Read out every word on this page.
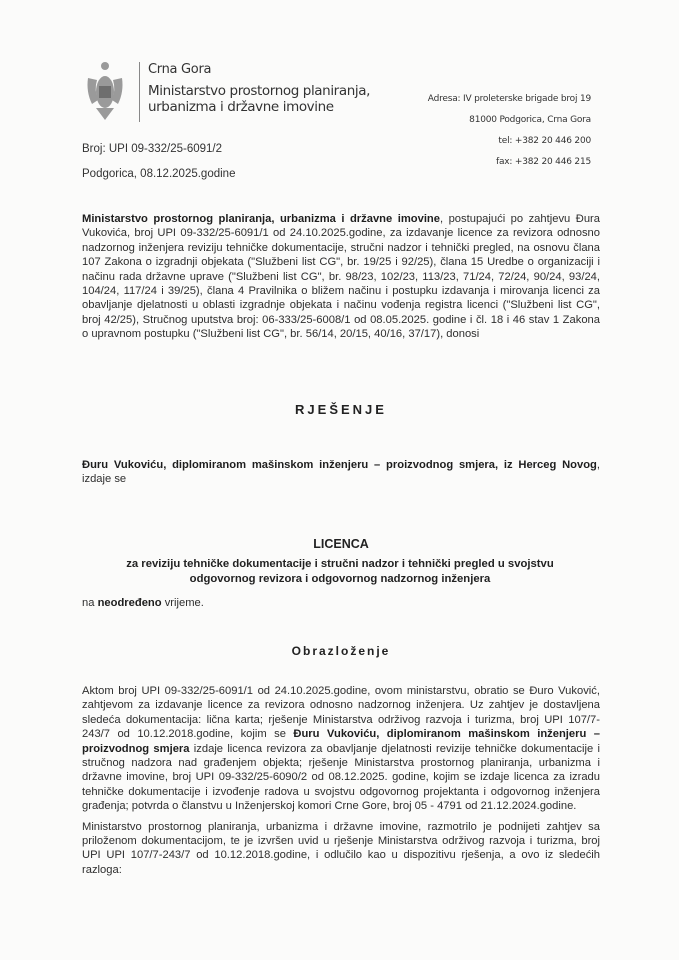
Crna Gora
Ministarstvo prostornog planiranja,
urbanizma i državne imovine	Adresa: IV proleterske brigade broj 19
81000 Podgorica, Crna Gora
tel: +382 20 446 200
fax: +382 20 446 215
Broj: UPI 09-332/25-6091/2
Podgorica, 08.12.2025.godine

Ministarstvo prostornog planiranja, urbanizma i državne imovine, postupajući po zahtjevu Đura Vukovića, broj UPI 09-332/25-6091/1 od 24.10.2025.godine, za izdavanje licence za revizora odnosno nadzornog inženjera reviziju tehničke dokumentacije, stručni nadzor i tehnički pregled, na osnovu člana 107 Zakona o izgradnji objekata ("Službeni list CG", br. 19/25 i 92/25), člana 15 Uredbe o organizaciji i načinu rada državne uprave ("Službeni list CG", br. 98/23, 102/23, 113/23, 71/24, 72/24, 90/24, 93/24, 104/24, 117/24 i 39/25), člana 4 Pravilnika o bližem načinu i postupku izdavanja i mirovanja licenci za obavljanje djelatnosti u oblasti izgradnje objekata i načinu vođenja registra licenci ("Službeni list CG", broj 42/25), Stručnog uputstva broj: 06-333/25-6008/1 od 08.05.2025. godine i čl. 18 i 46 stav 1 Zakona o upravnom postupku ("Službeni list CG", br. 56/14, 20/15, 40/16, 37/17), donosi

RJEŠENJE

Đuru Vukoviću, diplomiranom mašinskom inženjeru – proizvodnog smjera, iz Herceg Novog, izdaje se

LICENCA
za reviziju tehničke dokumentacije i stručni nadzor i tehnički pregled u svojstvu odgovornog revizora i odgovornog nadzornog inženjera
na neodređeno vrijeme.
Obrazloženje

Aktom broj UPI 09-332/25-6091/1 od 24.10.2025.godine, ovom ministarstvu, obratio se Đuro Vuković, zahtjevom za izdavanje licence za revizora odnosno nadzornog inženjera. Uz zahtjev je dostavljena sledeća dokumentacija: lična karta; rješenje Ministarstva održivog razvoja i turizma, broj UPI 107/7-243/7 od 10.12.2018.godine, kojim se Đuru Vukoviću, diplomiranom mašinskom inženjeru – proizvodnog smjera izdaje licenca revizora za obavljanje djelatnosti revizije tehničke dokumentacije i stručnog nadzora nad građenjem objekta; rješenje Ministarstva prostornog planiranja, urbanizma i državne imovine, broj UPI 09-332/25-6090/2 od 08.12.2025. godine, kojim se izdaje licenca za izradu tehničke dokumentacije i izvođenje radova u svojstvu odgovornog projektanta i odgovornog inženjera građenja; potvrda o članstvu u Inženjerskoj komori Crne Gore, broj 05 - 4791 od 21.12.2024.godine.

Ministarstvo prostornog planiranja, urbanizma i državne imovine, razmotrilo je podnijeti zahtjev sa priloženom dokumentacijom, te je izvršen uvid u rješenje Ministarstva održivog razvoja i turizma, broj UPI UPI 107/7-243/7 od 10.12.2018.godine, i odlučilo kao u dispozitivu rješenja, a ovo iz sledećih razloga:
